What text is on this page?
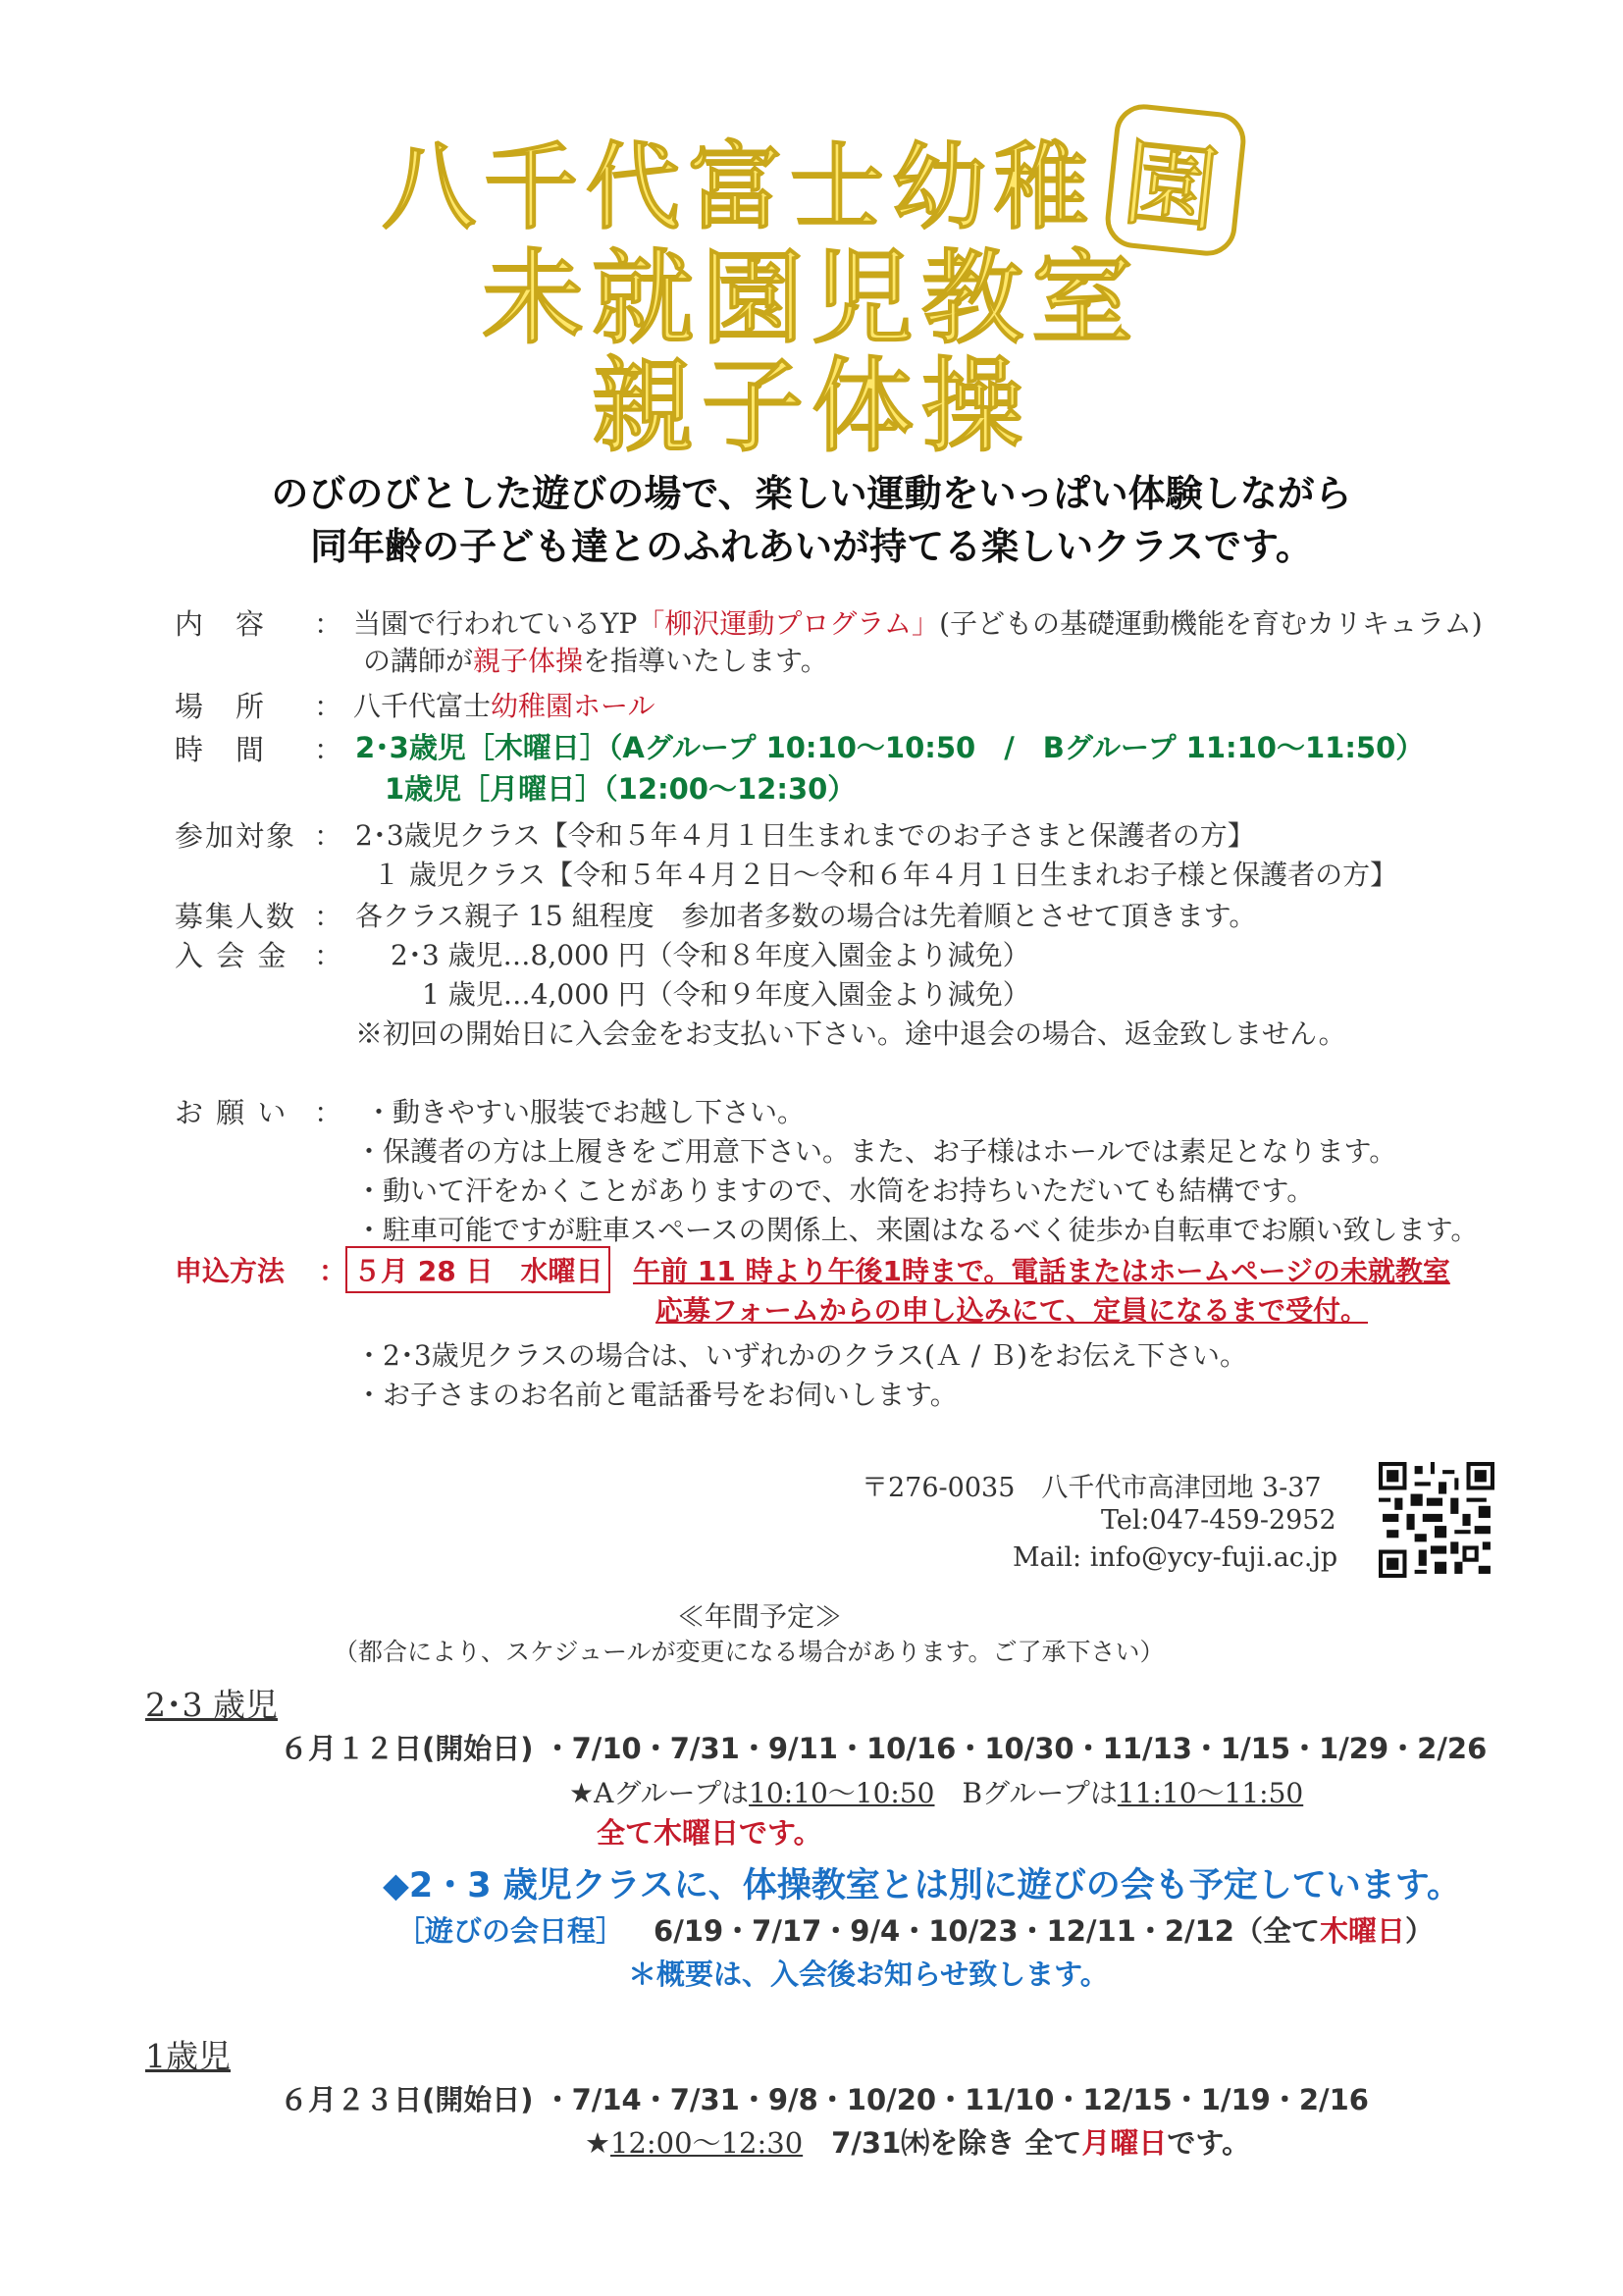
八千代富士幼稚 園
未就園児教室
親子体操
のびのびとした遊びの場で、楽しい運動をいっぱい体験しながら
同年齢の子ども達とのふれあいが持てる楽しいクラスです。
内　容 ： 当園で行われているYP「柳沢運動プログラム」(子どもの基礎運動機能を育むカリキュラム)
の講師が親子体操を指導いたします。
場　所 ： 八千代富士幼稚園ホール
時　間 ： 2･3歳児［木曜日］（Aグループ 10:10～10:50　/　Bグループ 11:10～11:50）
1歳児［月曜日］（12:00～12:30）
参加対象 ： 2･3歳児クラス【令和５年４月１日生まれまでのお子さまと保護者の方】
１ 歳児クラス【令和５年４月２日～令和６年４月１日生まれお子様と保護者の方】
募集人数 ： 各クラス親子 15 組程度　参加者多数の場合は先着順とさせて頂きます。
入 会 金 ： 2･3 歳児…8,000 円（令和８年度入園金より減免）
1 歳児…4,000 円（令和９年度入園金より減免）
※初回の開始日に入会金をお支払い下さい。途中退会の場合、返金致しません。
お 願 い ： ・動きやすい服装でお越し下さい。
・保護者の方は上履きをご用意下さい。また、お子様はホールでは素足となります。
・動いて汗をかくことがありますので、水筒をお持ちいただいても結構です。
・駐車可能ですが駐車スペースの関係上、来園はなるべく徒歩か自転車でお願い致します。
申込方法 ： ５月 28 日　水曜日 午前 11 時より午後1時まで。電話またはホームページの未就教室
応募フォームからの申し込みにて、定員になるまで受付。
・2･3歳児クラスの場合は、いずれかのクラス(Ａ / Ｂ)をお伝え下さい。
・お子さまのお名前と電話番号をお伺いします。
〒276-0035　八千代市高津団地 3-37
Tel:047-459-2952
Mail: info@ycy-fuji.ac.jp
≪年間予定≫
（都合により、スケジュールが変更になる場合があります。ご了承下さい）
2･3 歳児
６月１２日(開始日) ・7/10・7/31・9/11・10/16・10/30・11/13・1/15・1/29・2/26
★Aグループは10:10～10:50　Bグループは11:10～11:50
全て木曜日です。
◆2・3 歳児クラスに、体操教室とは別に遊びの会も予定しています。
［遊びの会日程］ 6/19・7/17・9/4・10/23・12/11・2/12（全て木曜日）
＊概要は、入会後お知らせ致します。
1歳児
６月２３日(開始日) ・7/14・7/31・9/8・10/20・11/10・12/15・1/19・2/16
★12:00～12:30　7/31㈭を除き 全て月曜日です。
